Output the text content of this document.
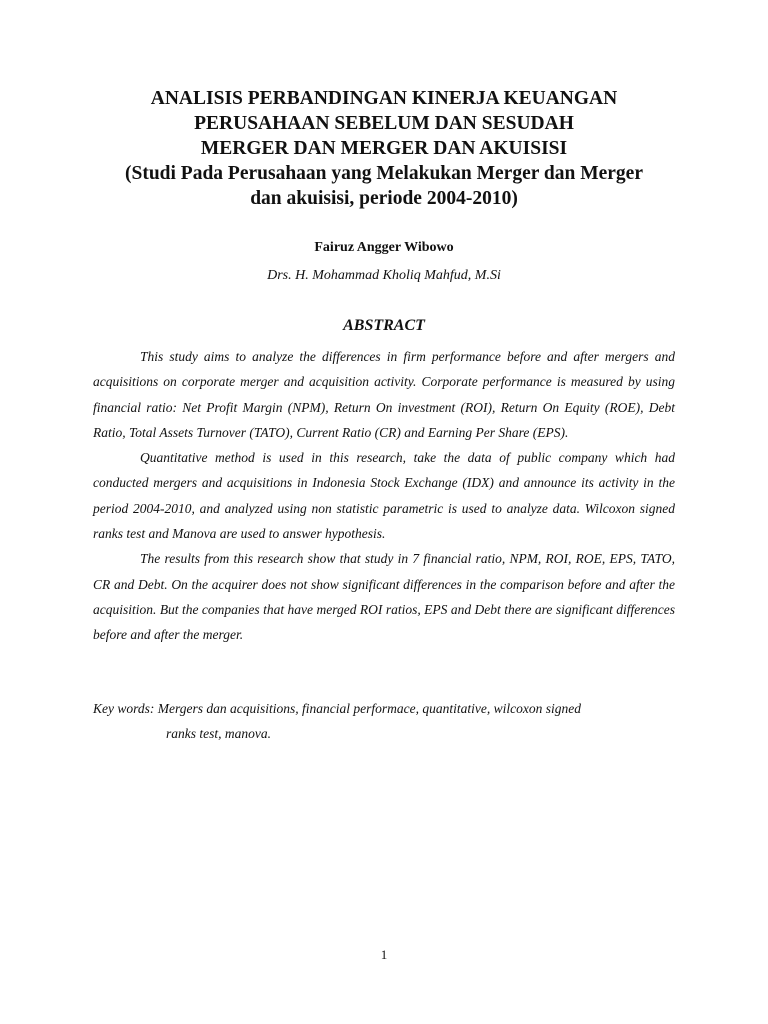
ANALISIS PERBANDINGAN KINERJA KEUANGAN
PERUSAHAAN SEBELUM DAN SESUDAH
MERGER DAN MERGER DAN AKUISISI
(Studi Pada Perusahaan yang Melakukan Merger dan Merger
dan akuisisi, periode 2004-2010)
Fairuz Angger Wibowo
Drs. H. Mohammad Kholiq Mahfud, M.Si
ABSTRACT

This study aims to analyze the differences in firm performance before and after mergers and acquisitions on corporate merger and acquisition activity. Corporate performance is measured by using financial ratio: Net Profit Margin (NPM), Return On investment (ROI), Return On Equity (ROE), Debt Ratio, Total Assets Turnover (TATO), Current Ratio (CR) and Earning Per Share (EPS).

Quantitative method is used in this research, take the data of public company which had conducted mergers and acquisitions in Indonesia Stock Exchange (IDX) and announce its activity in the period 2004-2010, and analyzed using non statistic parametric is used to analyze data. Wilcoxon signed ranks test and Manova are used to answer hypothesis.

The results from this research show that study in 7 financial ratio, NPM, ROI, ROE, EPS, TATO, CR and Debt. On the acquirer does not show significant differences in the comparison before and after the acquisition. But the companies that have merged ROI ratios, EPS and Debt there are significant differences before and after the merger.

Key words: Mergers dan acquisitions, financial performace, quantitative, wilcoxon signed
ranks test, manova.
1
